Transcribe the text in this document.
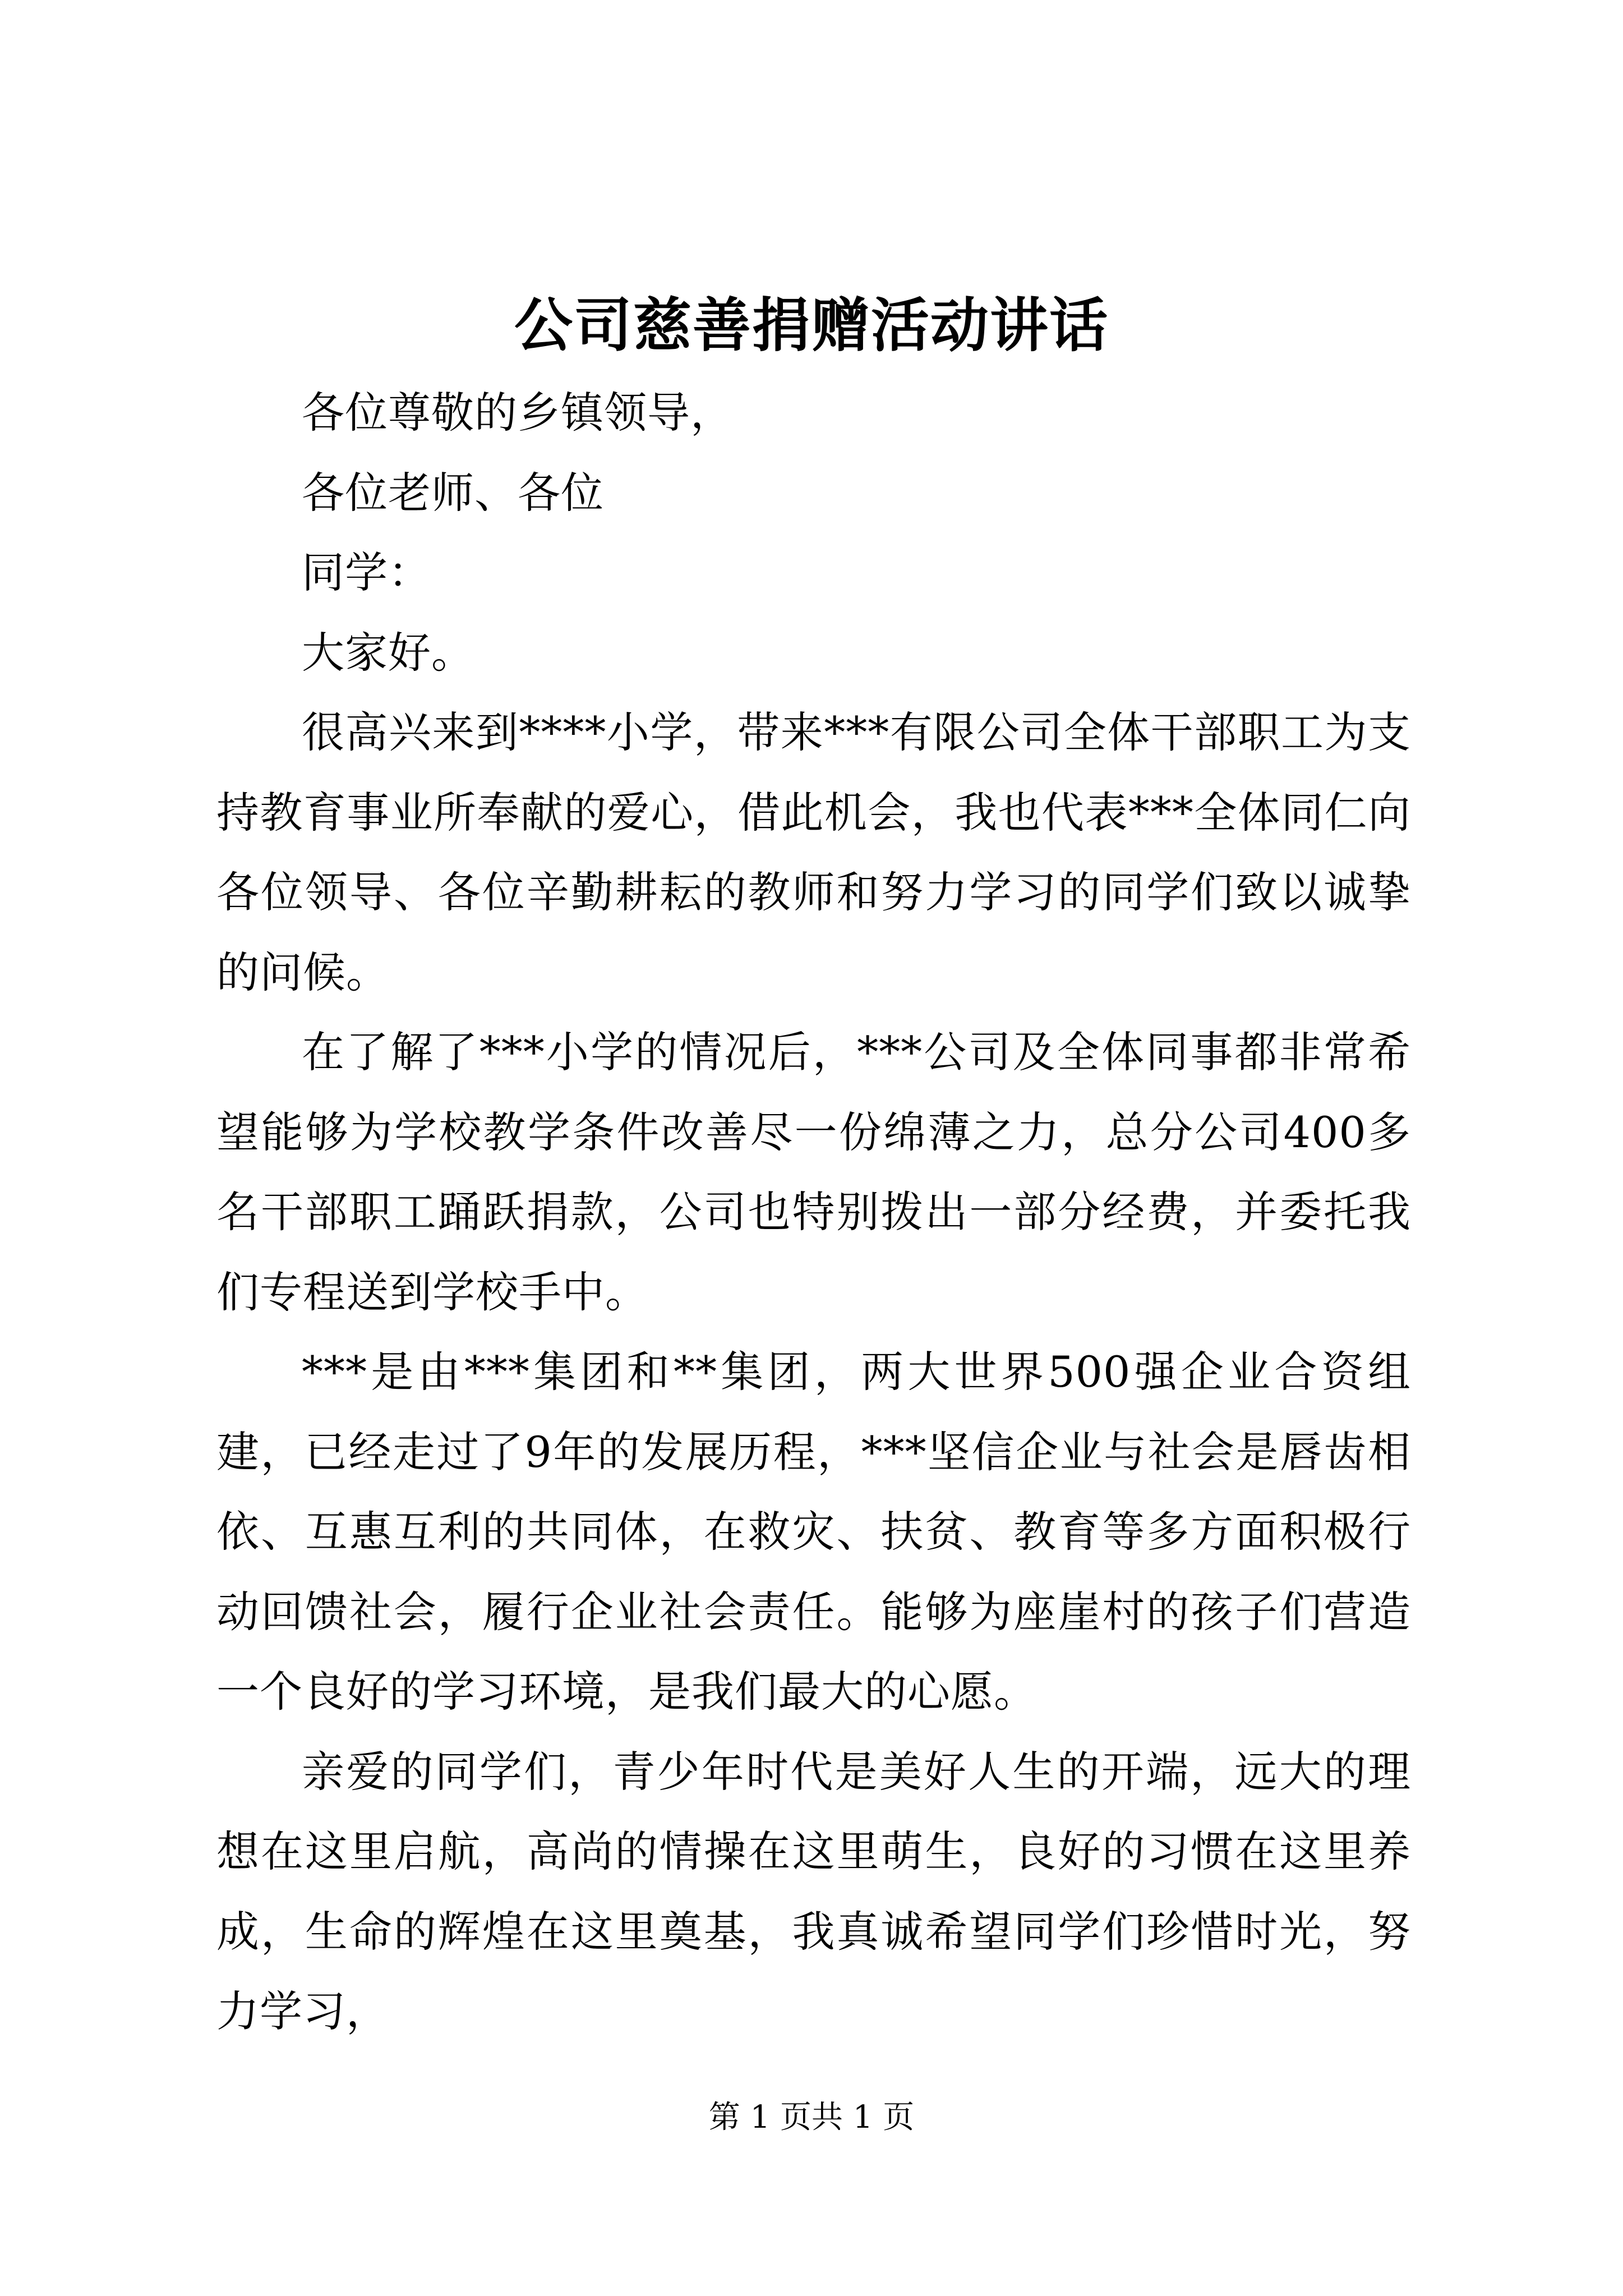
公司慈善捐赠活动讲话

各位尊敬的乡镇领导，

各位老师、各位

同学：

大家好。

很高兴来到****小学，带来***有限公司全体干部职工为支持教育事业所奉献的爱心，借此机会，我也代表***全体同仁向各位领导、各位辛勤耕耘的教师和努力学习的同学们致以诚挚的问候。

在了解了***小学的情况后，***公司及全体同事都非常希望能够为学校教学条件改善尽一份绵薄之力，总分公司400多名干部职工踊跃捐款，公司也特别拨出一部分经费，并委托我们专程送到学校手中。

***是由***集团和**集团，两大世界500强企业合资组建，已经走过了9年的发展历程，***坚信企业与社会是唇齿相依、互惠互利的共同体，在救灾、扶贫、教育等多方面积极行动回馈社会，履行企业社会责任。能够为座崖村的孩子们营造一个良好的学习环境，是我们最大的心愿。

亲爱的同学们，青少年时代是美好人生的开端，远大的理想在这里启航，高尚的情操在这里萌生，良好的习惯在这里养成，生命的辉煌在这里奠基，我真诚希望同学们珍惜时光，努力学习，

第 1 页共 1 页
